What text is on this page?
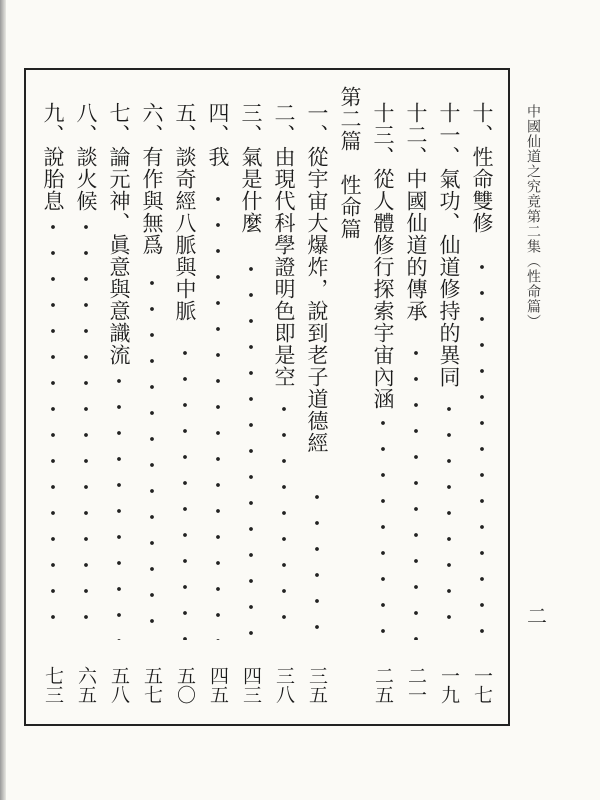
中國仙道之究竟第二集（性命篇）
二
十、性命雙修
一七
十一、氣功、仙道修持的異同
一九
十二、中國仙道的傳承
二一
十三、從人體修行探索宇宙內涵
二五
第二篇　性命篇
一、從宇宙大爆炸，說到老子道德經
三五
二、由現代科學證明色即是空
三八
三、氣是什麼
四三
四、我
四五
五、談奇經八脈與中脈
五〇
六、有作與無爲
五七
七、論元神、眞意與意識流
五八
八、談火候
六五
九、說胎息
七三
